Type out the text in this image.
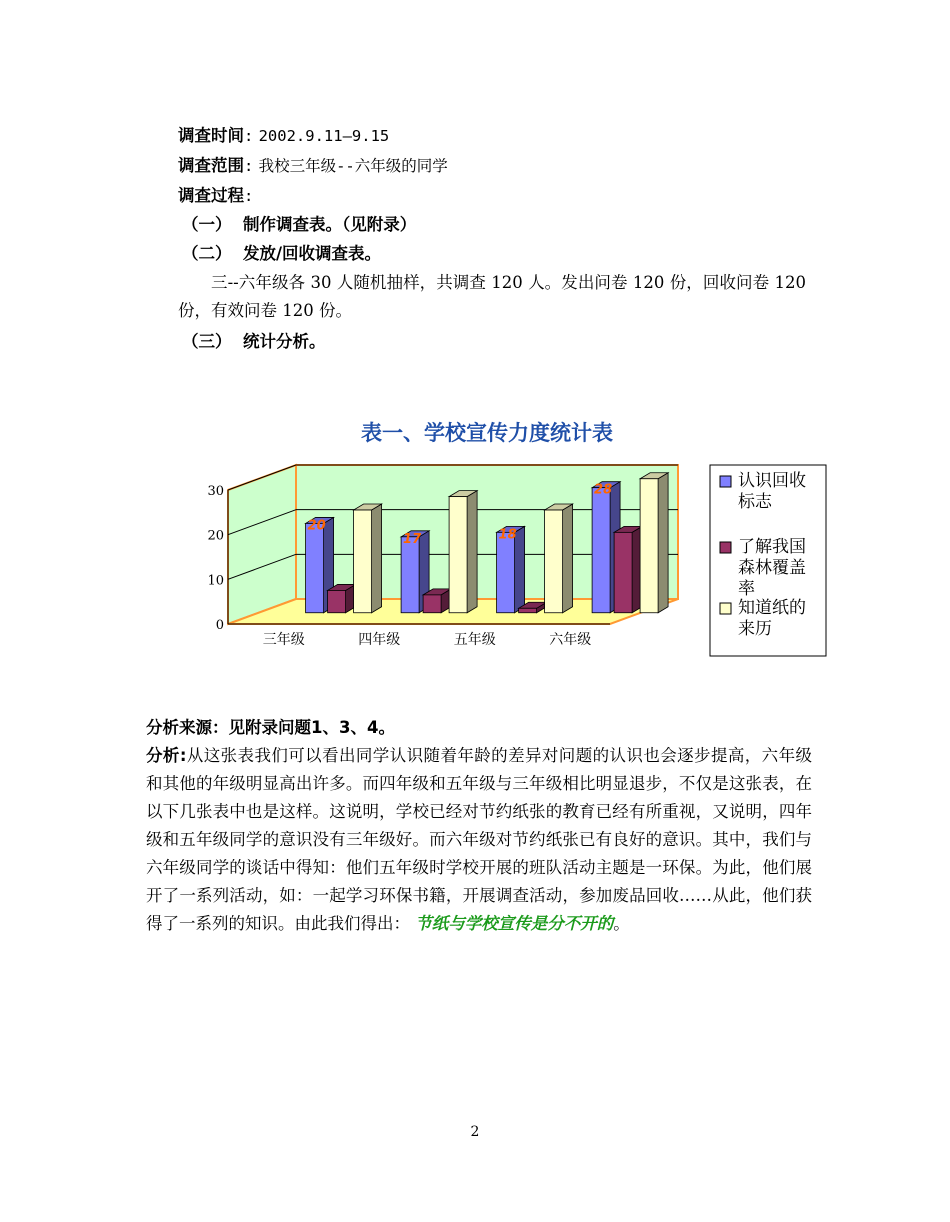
调查时间: 2002.9.11—9.15
调查范围: 我校三年级--六年级的同学
调查过程:
（一） 制作调查表。（见附录）
（二） 发放/回收调查表。
三--六年级各 30 人随机抽样，共调查 120 人。发出问卷 120 份，回收问卷 120 份，有效问卷 120 份。
（三） 统计分析。
表一、学校宣传力度统计表
0
10
20
30
20
三年级
17
四年级
18
五年级
28
六年级
认识回收标志
了解我国森林覆盖率
知道纸的来历
分析来源：见附录问题1、3、4。
分析:从这张表我们可以看出同学认识随着年龄的差异对问题的认识也会逐步提高，六年级和其他的年级明显高出许多。而四年级和五年级与三年级相比明显退步，不仅是这张表，在以下几张表中也是这样。这说明，学校已经对节约纸张的教育已经有所重视，又说明，四年级和五年级同学的意识没有三年级好。而六年级对节约纸张已有良好的意识。其中，我们与六年级同学的谈话中得知：他们五年级时学校开展的班队活动主题是一环保。为此，他们展开了一系列活动，如：一起学习环保书籍，开展调查活动，参加废品回收……从此，他们获得了一系列的知识。由此我们得出： 节纸与学校宣传是分不开的。
2
